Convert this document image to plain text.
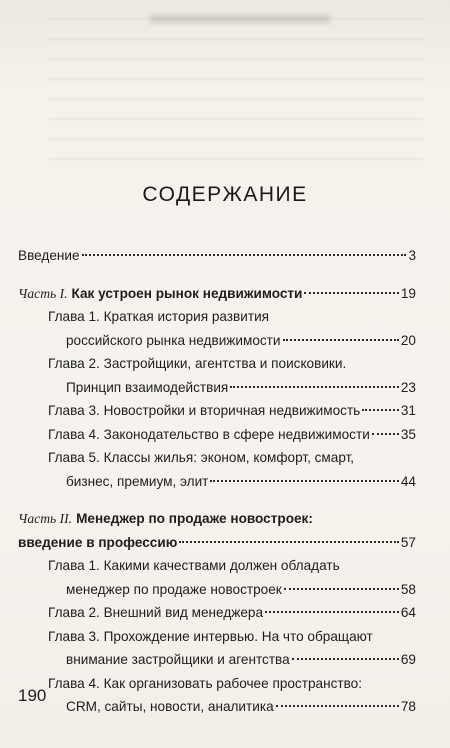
СОДЕРЖАНИЕ
Введение	3
Часть I. Как устроен рынок недвижимости	19
Глава 1. Краткая история развития
российского рынка недвижимости	20
Глава 2. Застройщики, агентства и поисковики.
Принцип взаимодействия	23
Глава 3. Новостройки и вторичная недвижимость	31
Глава 4. Законодательство в сфере недвижимости 35
Глава 5. Классы жилья: эконом, комфорт, смарт,
бизнес, премиум, элит	44
Часть II. Менеджер по продаже новостроек:
введение в профессию	57
Глава 1. Какими качествами должен обладать
менеджер по продаже новостроек	58
Глава 2. Внешний вид менеджера	64
Глава 3. Прохождение интервью. На что обращают
внимание застройщики и агентства	69
Глава 4. Как организовать рабочее пространство:
CRM, сайты, новости, аналитика	78
190
